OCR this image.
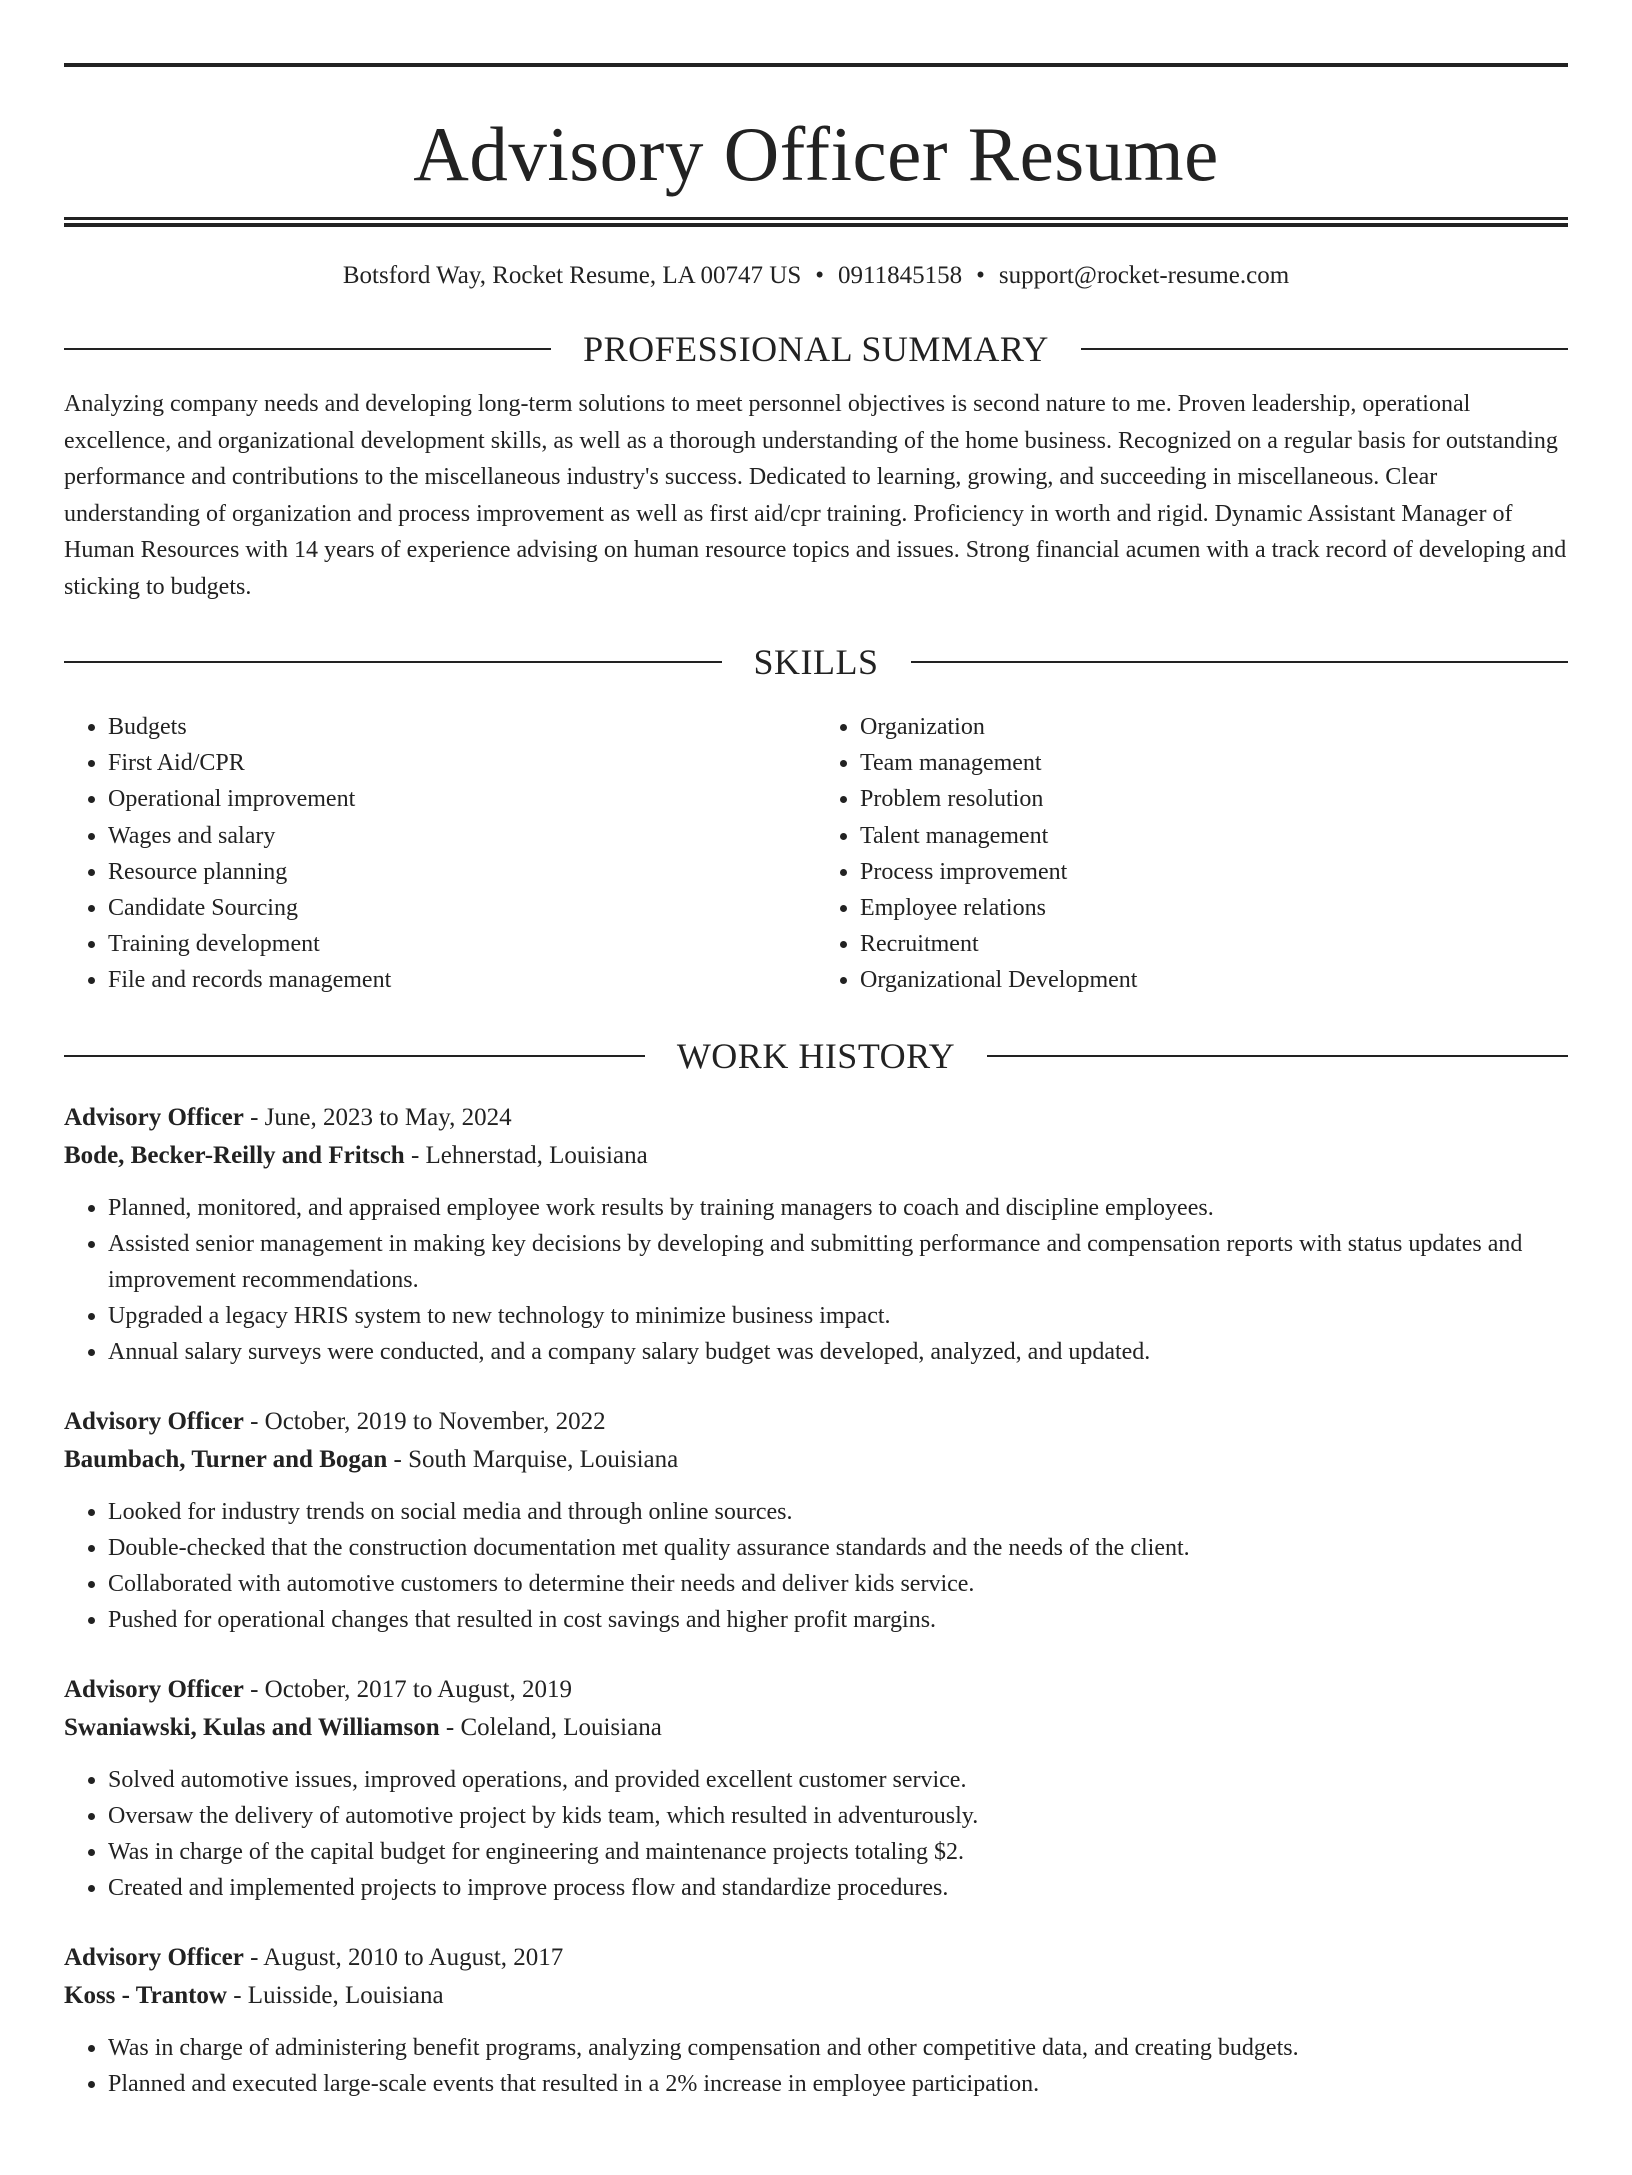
Advisory Officer Resume
Botsford Way, Rocket Resume, LA 00747 US • 0911845158 • support@rocket-resume.com
PROFESSIONAL SUMMARY
Analyzing company needs and developing long-term solutions to meet personnel objectives is second nature to me. Proven leadership, operational excellence, and organizational development skills, as well as a thorough understanding of the home business. Recognized on a regular basis for outstanding performance and contributions to the miscellaneous industry's success. Dedicated to learning, growing, and succeeding in miscellaneous. Clear understanding of organization and process improvement as well as first aid/cpr training. Proficiency in worth and rigid. Dynamic Assistant Manager of Human Resources with 14 years of experience advising on human resource topics and issues. Strong financial acumen with a track record of developing and sticking to budgets.
SKILLS
• Budgets
• First Aid/CPR
• Operational improvement
• Wages and salary
• Resource planning
• Candidate Sourcing
• Training development
• File and records management
• Organization
• Team management
• Problem resolution
• Talent management
• Process improvement
• Employee relations
• Recruitment
• Organizational Development
WORK HISTORY
Advisory Officer - June, 2023 to May, 2024
Bode, Becker-Reilly and Fritsch - Lehnerstad, Louisiana
• Planned, monitored, and appraised employee work results by training managers to coach and discipline employees.
• Assisted senior management in making key decisions by developing and submitting performance and compensation reports with status updates and improvement recommendations.
• Upgraded a legacy HRIS system to new technology to minimize business impact.
• Annual salary surveys were conducted, and a company salary budget was developed, analyzed, and updated.
Advisory Officer - October, 2019 to November, 2022
Baumbach, Turner and Bogan - South Marquise, Louisiana
• Looked for industry trends on social media and through online sources.
• Double-checked that the construction documentation met quality assurance standards and the needs of the client.
• Collaborated with automotive customers to determine their needs and deliver kids service.
• Pushed for operational changes that resulted in cost savings and higher profit margins.
Advisory Officer - October, 2017 to August, 2019
Swaniawski, Kulas and Williamson - Coleland, Louisiana
• Solved automotive issues, improved operations, and provided excellent customer service.
• Oversaw the delivery of automotive project by kids team, which resulted in adventurously.
• Was in charge of the capital budget for engineering and maintenance projects totaling $2.
• Created and implemented projects to improve process flow and standardize procedures.
Advisory Officer - August, 2010 to August, 2017
Koss - Trantow - Luisside, Louisiana
• Was in charge of administering benefit programs, analyzing compensation and other competitive data, and creating budgets.
• Planned and executed large-scale events that resulted in a 2% increase in employee participation.
